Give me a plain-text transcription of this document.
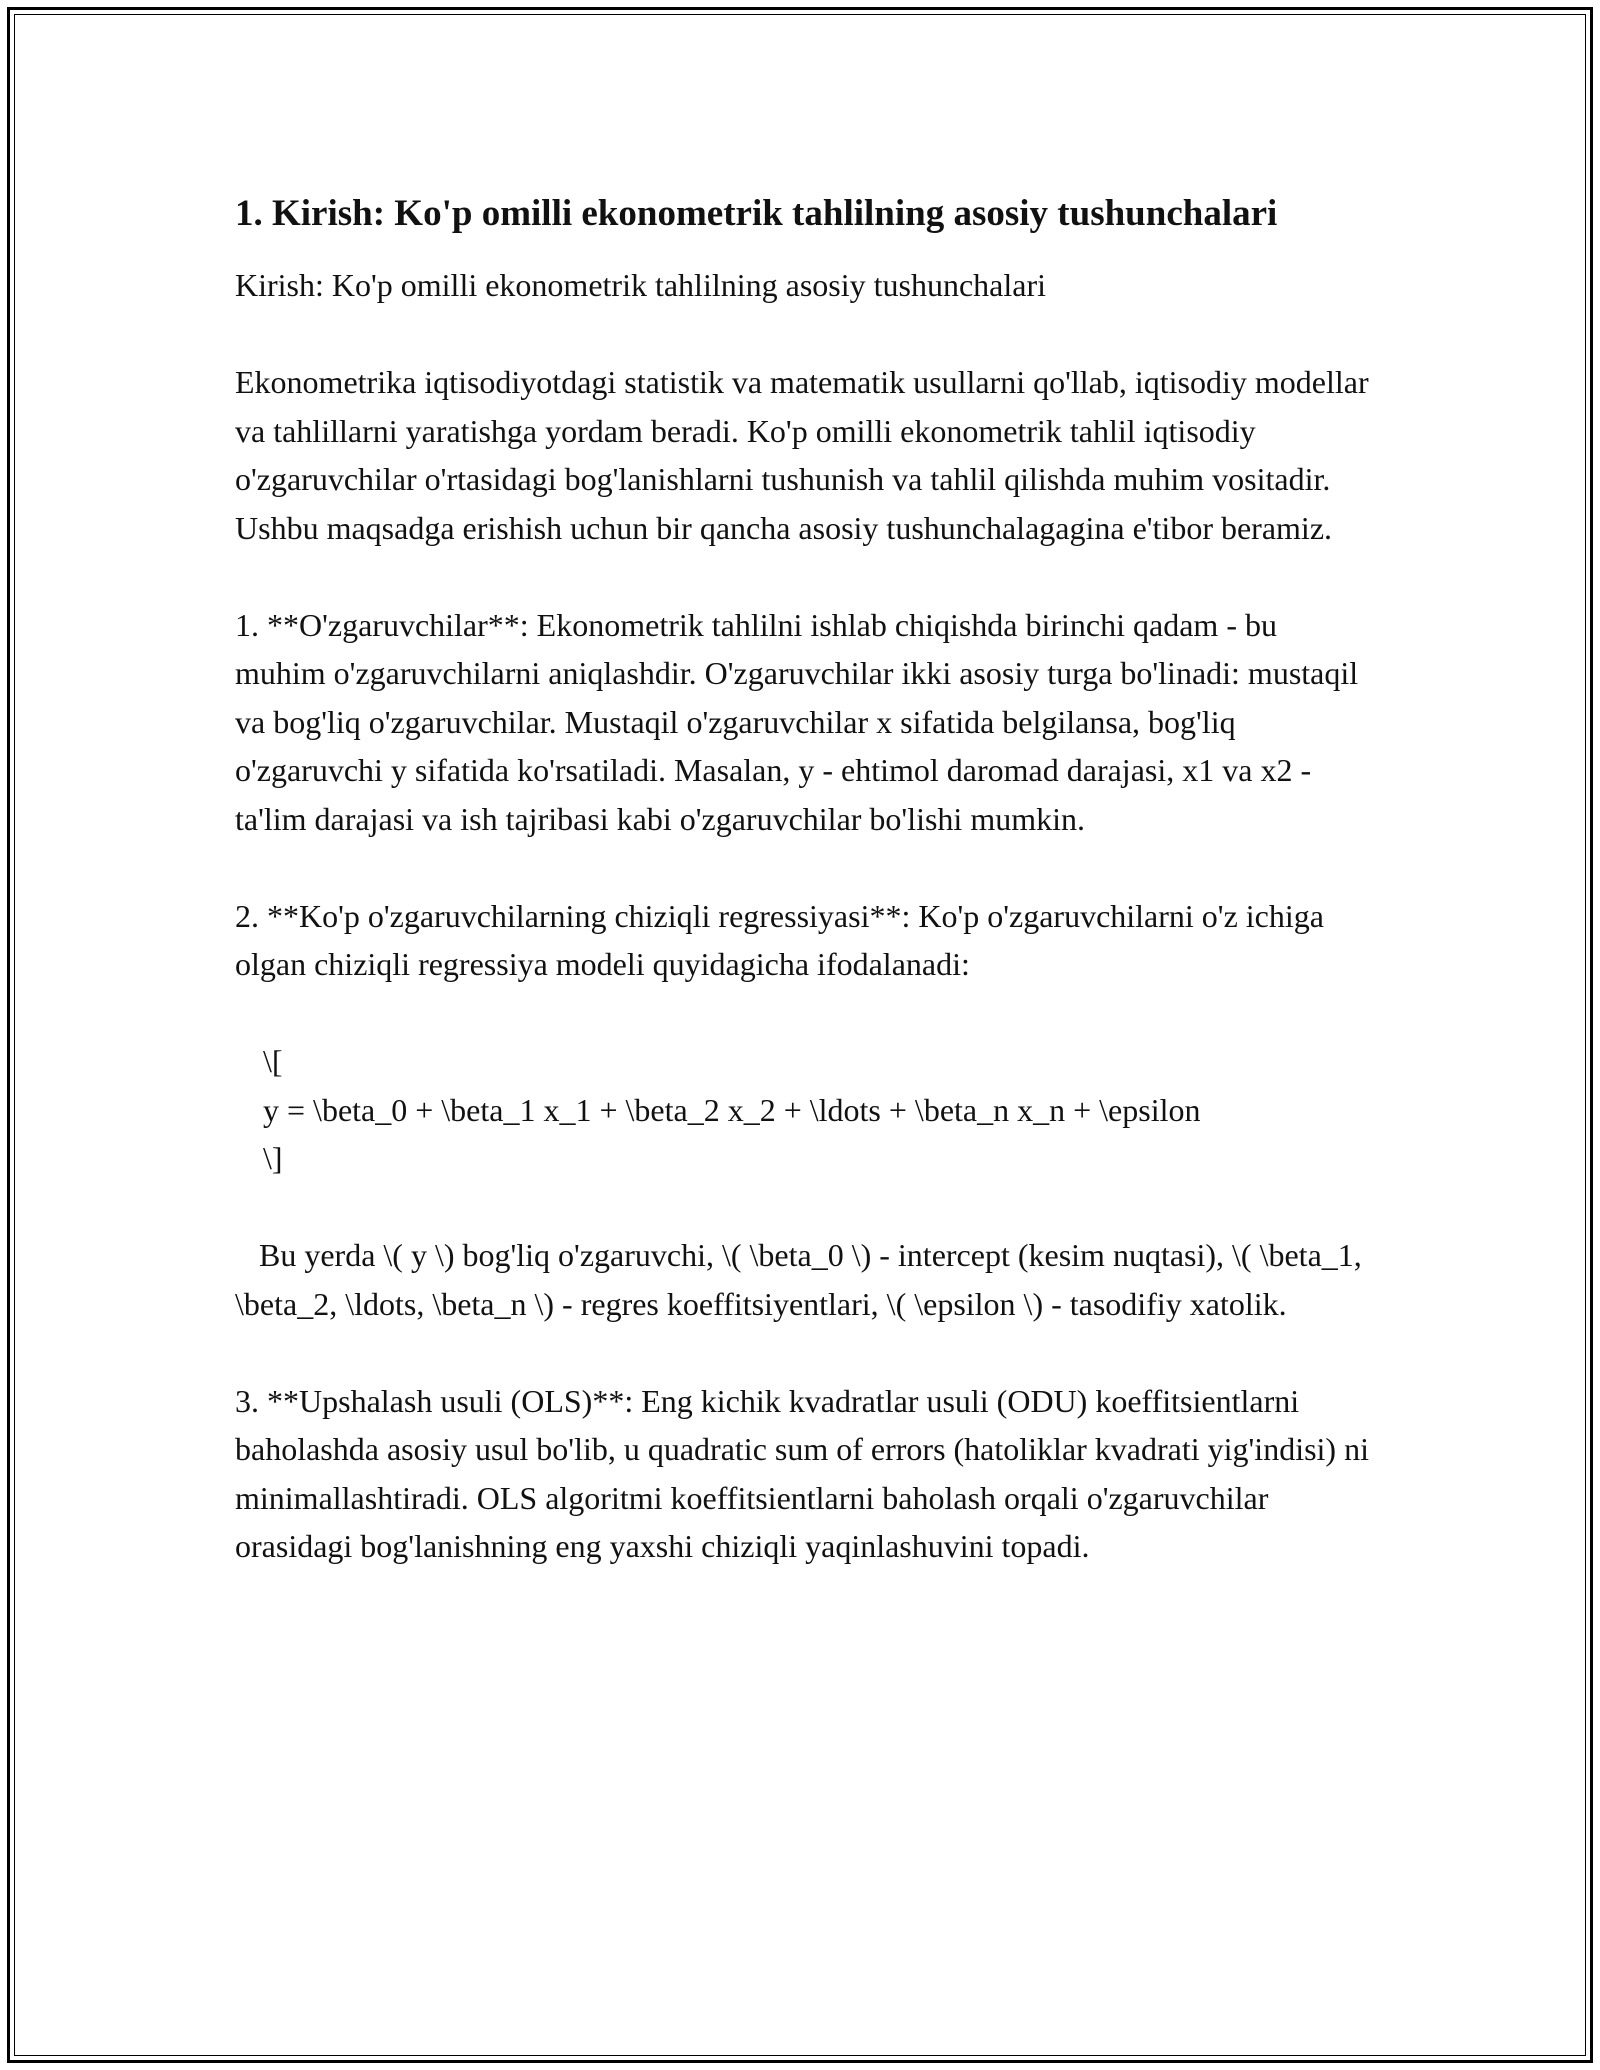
1. Kirish: Ko'p omilli ekonometrik tahlilning asosiy tushunchalari

Kirish: Ko'p omilli ekonometrik tahlilning asosiy tushunchalari

Ekonometrika iqtisodiyotdagi statistik va matematik usullarni qo'llab, iqtisodiy modellar va tahlillarni yaratishga yordam beradi. Ko'p omilli ekonometrik tahlil iqtisodiy o'zgaruvchilar o'rtasidagi bog'lanishlarni tushunish va tahlil qilishda muhim vositadir. Ushbu maqsadga erishish uchun bir qancha asosiy tushunchalagagina e'tibor beramiz.

1. **O'zgaruvchilar**: Ekonometrik tahlilni ishlab chiqishda birinchi qadam - bu muhim o'zgaruvchilarni aniqlashdir. O'zgaruvchilar ikki asosiy turga bo'linadi: mustaqil va bog'liq o'zgaruvchilar. Mustaqil o'zgaruvchilar x sifatida belgilansa, bog'liq o'zgaruvchi y sifatida ko'rsatiladi. Masalan, y - ehtimol daromad darajasi, x1 va x2 - ta'lim darajasi va ish tajribasi kabi o'zgaruvchilar bo'lishi mumkin.

2. **Ko'p o'zgaruvchilarning chiziqli regressiyasi**: Ko'p o'zgaruvchilarni o'z ichiga olgan chiziqli regressiya modeli quyidagicha ifodalanadi:

\[

y = \beta_0 + \beta_1 x_1 + \beta_2 x_2 + \ldots + \beta_n x_n + \epsilon

\]

Bu yerda \( y \) bog'liq o'zgaruvchi, \( \beta_0 \) - intercept (kesim nuqtasi), \( \beta_1, \beta_2, \ldots, \beta_n \) - regres koeffitsiyentlari, \( \epsilon \) - tasodifiy xatolik.

3. **Upshalash usuli (OLS)**: Eng kichik kvadratlar usuli (ODU) koeffitsientlarni baholashda asosiy usul bo'lib, u quadratic sum of errors (hatoliklar kvadrati yig'indisi) ni minimallashtiradi. OLS algoritmi koeffitsientlarni baholash orqali o'zgaruvchilar orasidagi bog'lanishning eng yaxshi chiziqli yaqinlashuvini topadi.
